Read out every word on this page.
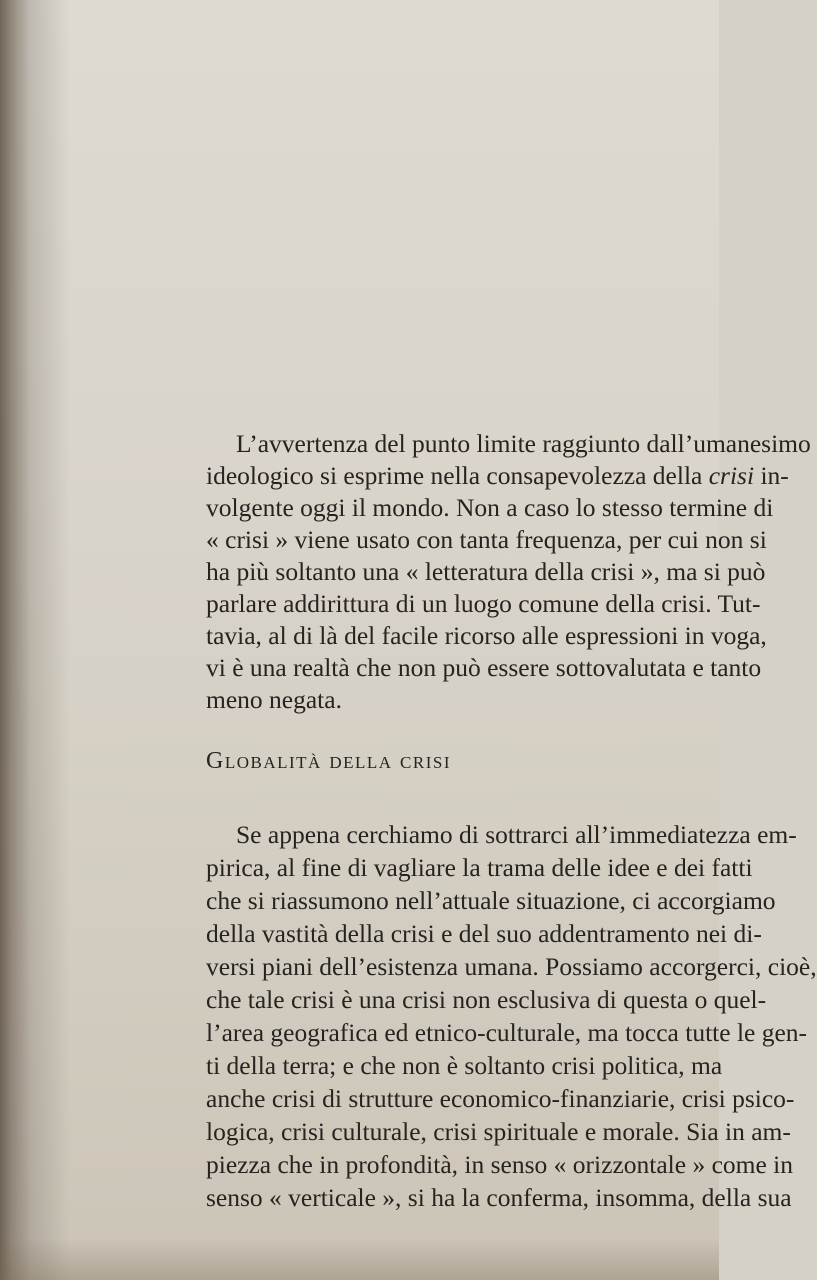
L’avvertenza del punto limite raggiunto dall’umanesimo
ideologico si esprime nella consapevolezza della crisi in-
volgente oggi il mondo. Non a caso lo stesso termine di
« crisi » viene usato con tanta frequenza, per cui non si
ha più soltanto una « letteratura della crisi », ma si può
parlare addirittura di un luogo comune della crisi. Tut-
tavia, al di là del facile ricorso alle espressioni in voga,
vi è una realtà che non può essere sottovalutata e tanto
meno negata.
Globalità della crisi
Se appena cerchiamo di sottrarci all’immediatezza em-
pirica, al fine di vagliare la trama delle idee e dei fatti
che si riassumono nell’attuale situazione, ci accorgiamo
della vastità della crisi e del suo addentramento nei di-
versi piani dell’esistenza umana. Possiamo accorgerci, cioè,
che tale crisi è una crisi non esclusiva di questa o quel-
l’area geografica ed etnico-culturale, ma tocca tutte le gen-
ti della terra; e che non è soltanto crisi politica, ma
anche crisi di strutture economico-finanziarie, crisi psico-
logica, crisi culturale, crisi spirituale e morale. Sia in am-
piezza che in profondità, in senso « orizzontale » come in
senso « verticale », si ha la conferma, insomma, della sua
